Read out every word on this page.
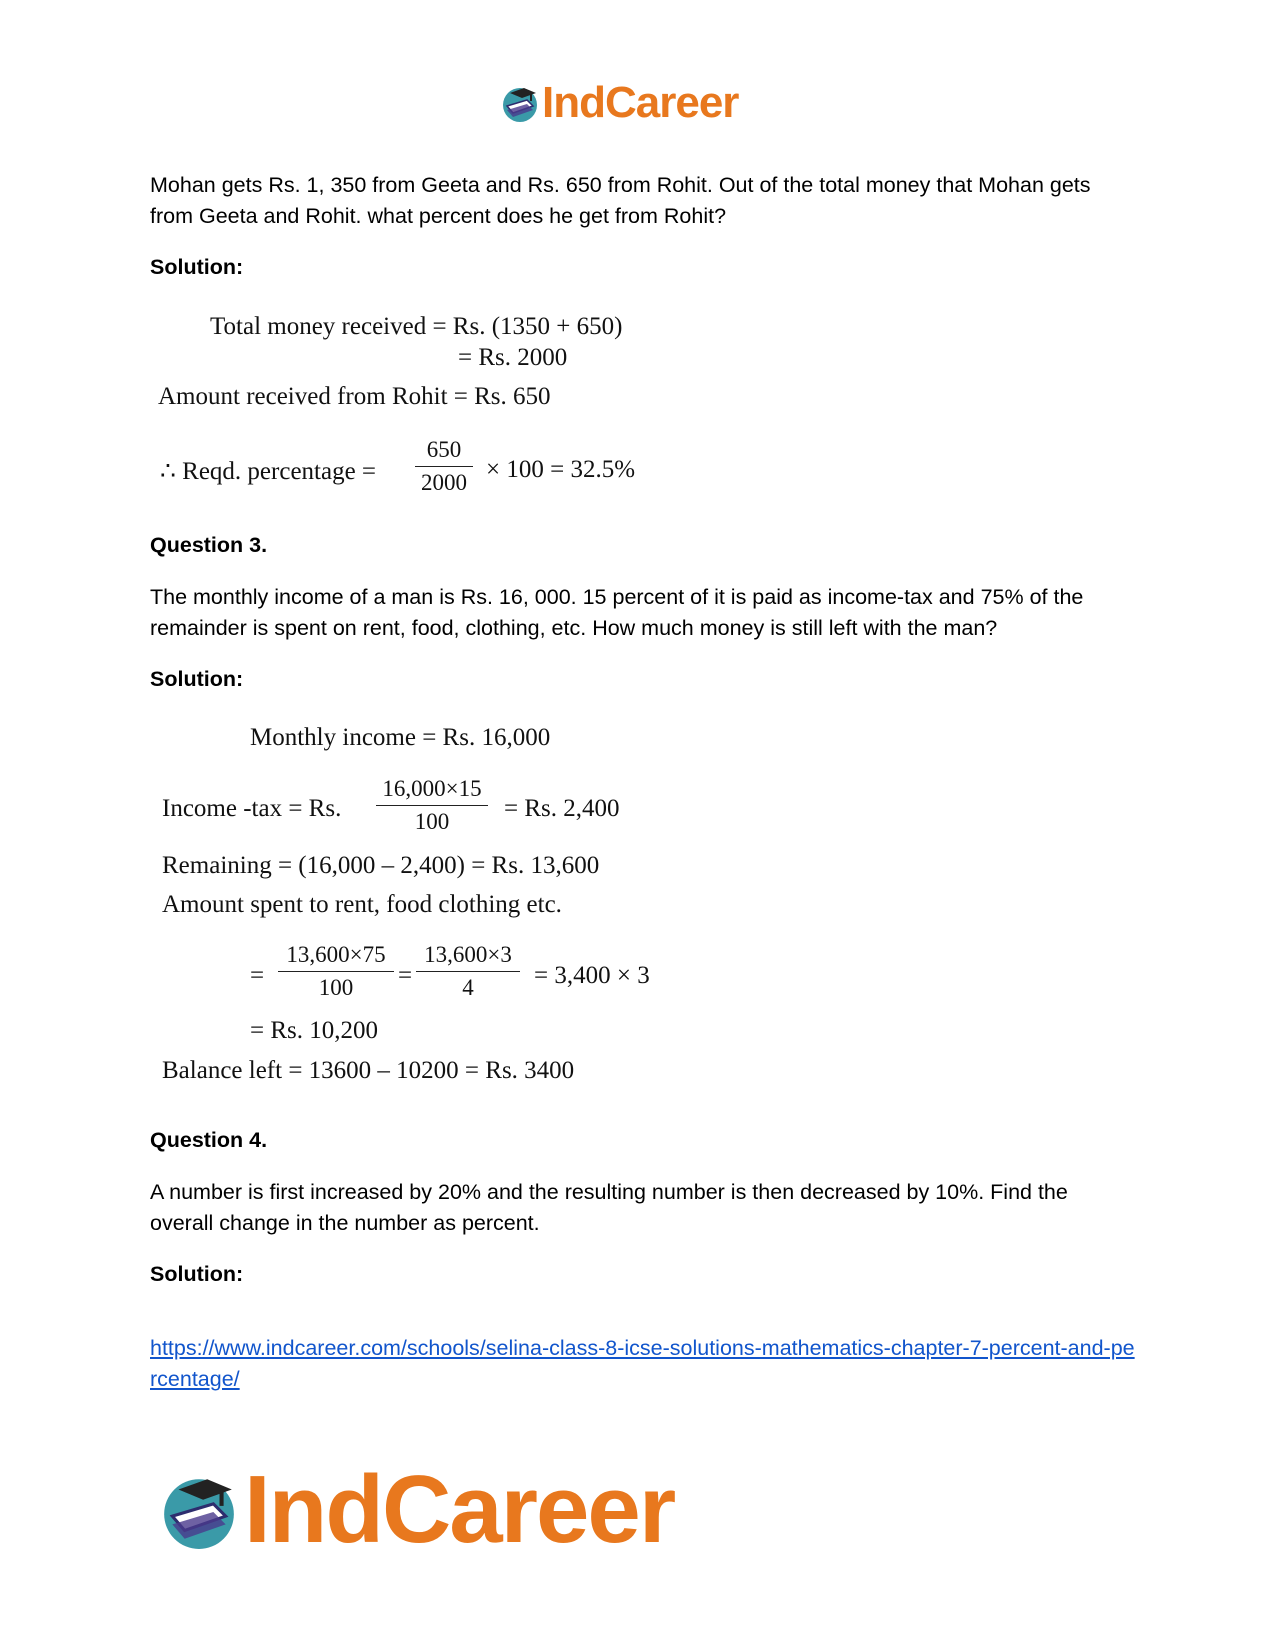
IndCareer
Mohan gets Rs. 1, 350 from Geeta and Rs. 650 from Rohit. Out of the total money that Mohan gets from Geeta and Rohit. what percent does he get from Rohit?
Solution:
Total money received = Rs. (1350 + 650)
= Rs. 2000
Amount received from Rohit = Rs. 650
∴ Reqd. percentage = $\frac{650}{2000} \times 100 = 32.5\%$
Question 3.
The monthly income of a man is Rs. 16, 000. 15 percent of it is paid as income-tax and 75% of the remainder is spent on rent, food, clothing, etc. How much money is still left with the man?
Solution:
Monthly income = Rs. 16,000
Income -tax = Rs. $\frac{16,000\times 15}{100} = Rs$. 2,400
Remaining = (16,000 – 2,400) = Rs. 13,600
Amount spent to rent, food clothing etc.
= $\frac{13,600\times 75}{100} = \frac{13,600\times 3}{4} = 3,400 \times 3$
= Rs. 10,200
Balance left = 13600 – 10200 = Rs. 3400
Question 4.
A number is first increased by 20% and the resulting number is then decreased by 10%. Find the overall change in the number as percent.
Solution:
https://www.indcareer.com/schools/selina-class-8-icse-solutions-mathematics-chapter-7-percent-and-percentage/
IndCareer
